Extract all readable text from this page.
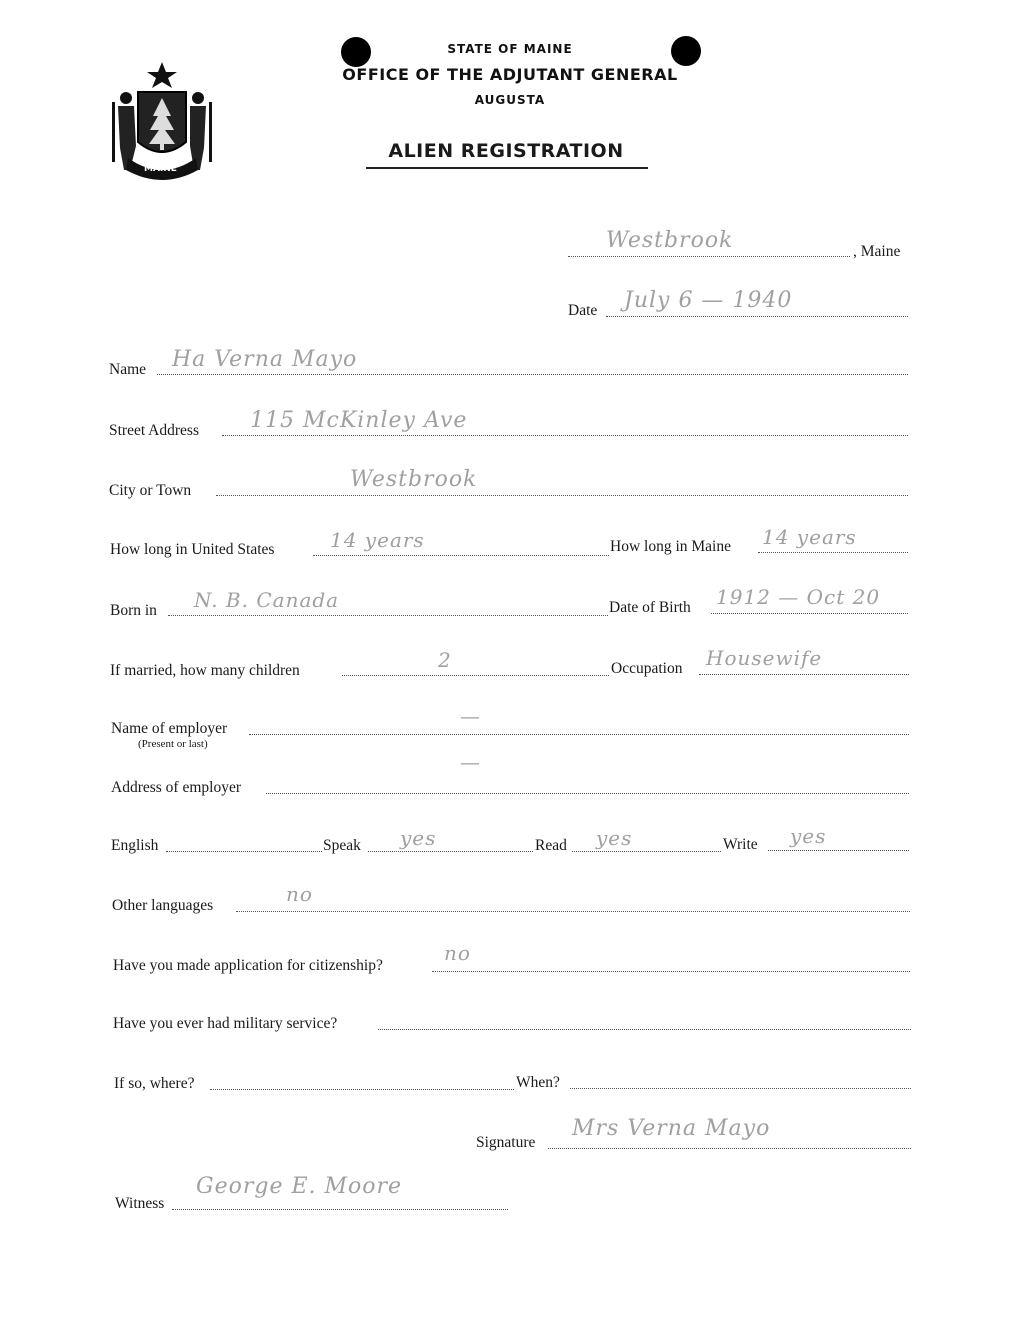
MAINE
STATE OF MAINE
OFFICE OF THE ADJUTANT GENERAL
AUGUSTA
ALIEN REGISTRATION
Westbrook	, Maine
Date July 6 — 1940
Name Ha Verna Mayo
Street Address 115 McKinley Ave
City or Town	Westbrook
How long in United States	14 years	How long in Maine 14 years
Born in N. B. Canada	Date of Birth 1912 — Oct 20
If married, how many children	2	Occupation Housewife
Name of employer
(Present or last)
—
Address of employer
—
English	Speak yes	Read yes	Write yes
Other languages	no
Have you made application for citizenship?
no
Have you ever had military service?
If so, where?	When?
Signature
Mrs Verna Mayo
Witness
George E. Moore
